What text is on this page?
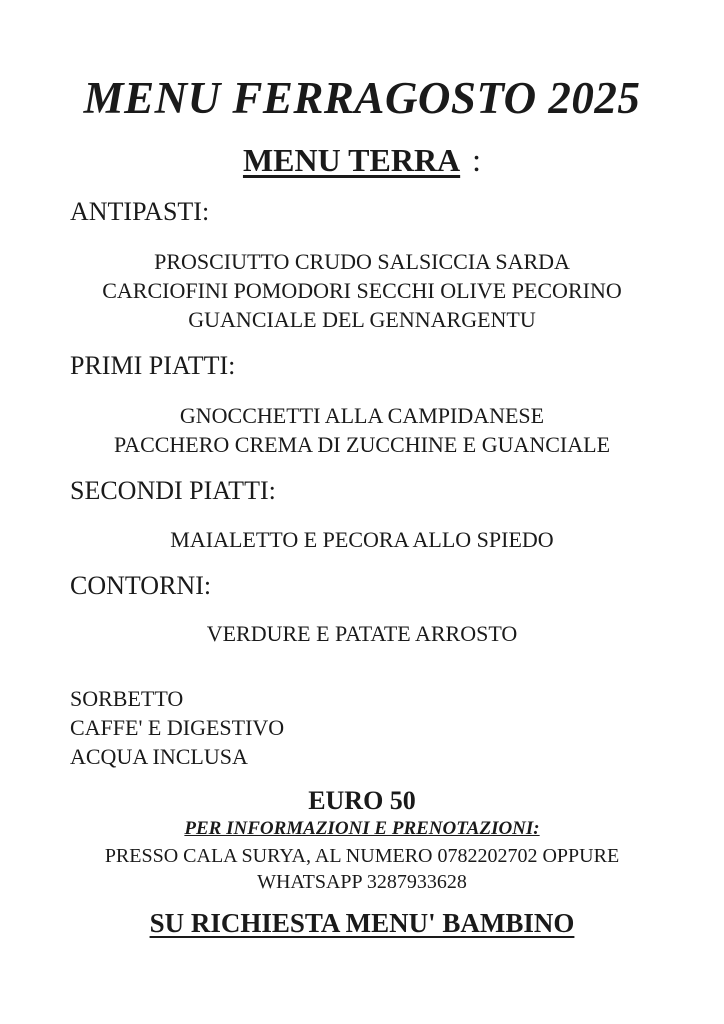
MENU FERRAGOSTO 2025
MENU TERRA :
ANTIPASTI:
PROSCIUTTO CRUDO SALSICCIA SARDA
CARCIOFINI POMODORI SECCHI OLIVE PECORINO
GUANCIALE DEL GENNARGENTU
PRIMI PIATTI:
GNOCCHETTI ALLA CAMPIDANESE
PACCHERO CREMA DI ZUCCHINE E GUANCIALE
SECONDI PIATTI:
MAIALETTO E PECORA ALLO SPIEDO
CONTORNI:
VERDURE E PATATE ARROSTO
SORBETTO
CAFFE' E DIGESTIVO
ACQUA INCLUSA
EURO 50
PER INFORMAZIONI E PRENOTAZIONI:
PRESSO CALA SURYA, AL NUMERO 0782202702 OPPURE
WHATSAPP 3287933628
SU RICHIESTA MENU' BAMBINO
